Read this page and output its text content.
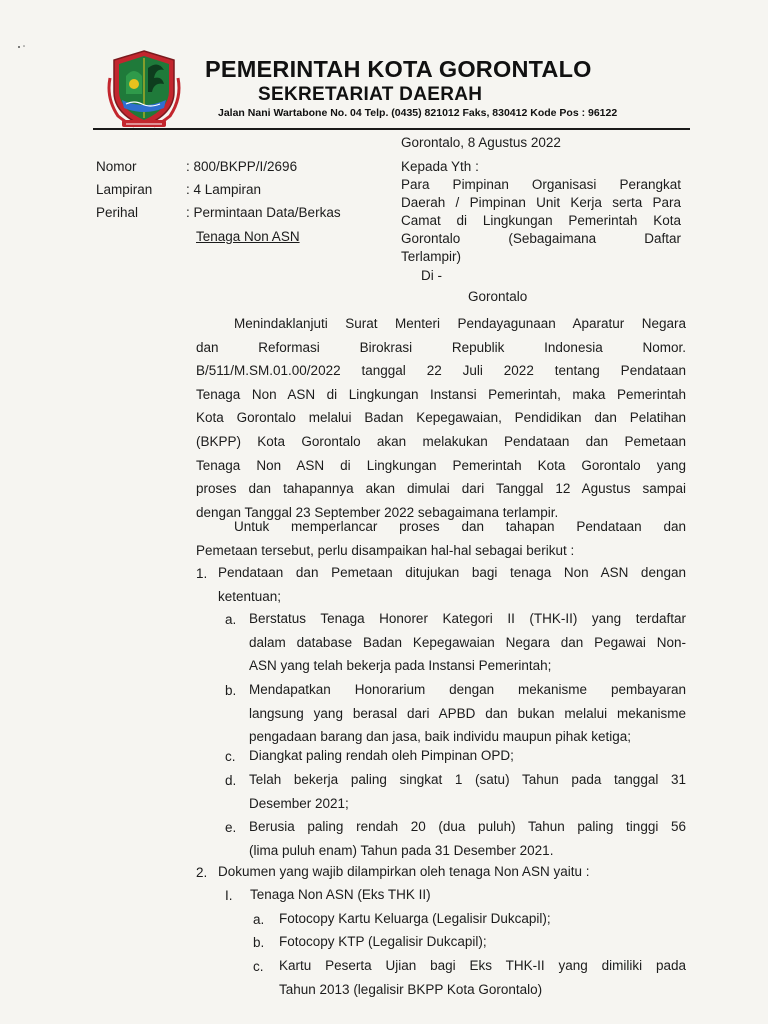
PEMERINTAH KOTA GORONTALO
SEKRETARIAT DAERAH
Jalan Nani Wartabone No. 04 Telp. (0435) 821012 Faks, 830412 Kode Pos : 96122
Gorontalo, 8 Agustus 2022
Nomor	: 800/BKPP/I/2696
Lampiran : 4 Lampiran
Perihal	: Permintaan Data/Berkas
Tenaga Non ASN
Kepada Yth :
Para Pimpinan Organisasi Perangkat
Daerah / Pimpinan Unit Kerja serta Para
Camat di Lingkungan Pemerintah Kota
Gorontalo (Sebagaimana Daftar
Terlampir)
Di -
Gorontalo
Menindaklanjuti Surat Menteri Pendayagunaan Aparatur Negara
dan Reformasi Birokrasi Republik Indonesia Nomor.
B/511/M.SM.01.00/2022 tanggal 22 Juli 2022 tentang Pendataan
Tenaga Non ASN di Lingkungan Instansi Pemerintah, maka Pemerintah
Kota Gorontalo melalui Badan Kepegawaian, Pendidikan dan Pelatihan
(BKPP) Kota Gorontalo akan melakukan Pendataan dan Pemetaan
Tenaga Non ASN di Lingkungan Pemerintah Kota Gorontalo yang
proses dan tahapannya akan dimulai dari Tanggal 12 Agustus sampai
dengan Tanggal 23 September 2022 sebagaimana terlampir.
Untuk memperlancar proses dan tahapan Pendataan dan
Pemetaan tersebut, perlu disampaikan hal-hal sebagai berikut :
1. Pendataan dan Pemetaan ditujukan bagi tenaga Non ASN dengan
ketentuan;
a. Berstatus Tenaga Honorer Kategori II (THK-II) yang terdaftar
dalam database Badan Kepegawaian Negara dan Pegawai Non-
ASN yang telah bekerja pada Instansi Pemerintah;
b. Mendapatkan Honorarium dengan mekanisme pembayaran
langsung yang berasal dari APBD dan bukan melalui mekanisme
pengadaan barang dan jasa, baik individu maupun pihak ketiga;
c. Diangkat paling rendah oleh Pimpinan OPD;
d. Telah bekerja paling singkat 1 (satu) Tahun pada tanggal 31
Desember 2021;
e. Berusia paling rendah 20 (dua puluh) Tahun paling tinggi 56
(lima puluh enam) Tahun pada 31 Desember 2021.
2. Dokumen yang wajib dilampirkan oleh tenaga Non ASN yaitu :
I. Tenaga Non ASN (Eks THK II)
a. Fotocopy Kartu Keluarga (Legalisir Dukcapil);
b. Fotocopy KTP (Legalisir Dukcapil);
c. Kartu Peserta Ujian bagi Eks THK-II yang dimiliki pada
Tahun 2013 (legalisir BKPP Kota Gorontalo)
